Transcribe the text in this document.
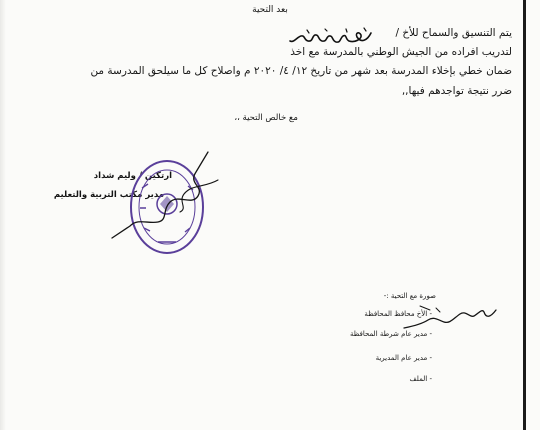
بعد التحية
يتم التنسيق والسماح للأخ /
لتدريب افراده من الجيش الوطني بالمدرسة مع اخذ
ضمان خطي بإخلاء المدرسة بعد شهر من تاريخ ١٢/ ٤/ ٢٠٢٠ م واصلاح كل ما سيلحق المدرسة من
ضرر نتيجة تواجدهم فيها,,
مع خالص التحية ،،
ارتكين / وليم شداد
مدير مكتب التربية والتعليم
صورة مع التحية :-
- الأخ محافظ المحافظة
- مدير عام شرطة المحافظة
- مدير عام المديرية
- الملف
